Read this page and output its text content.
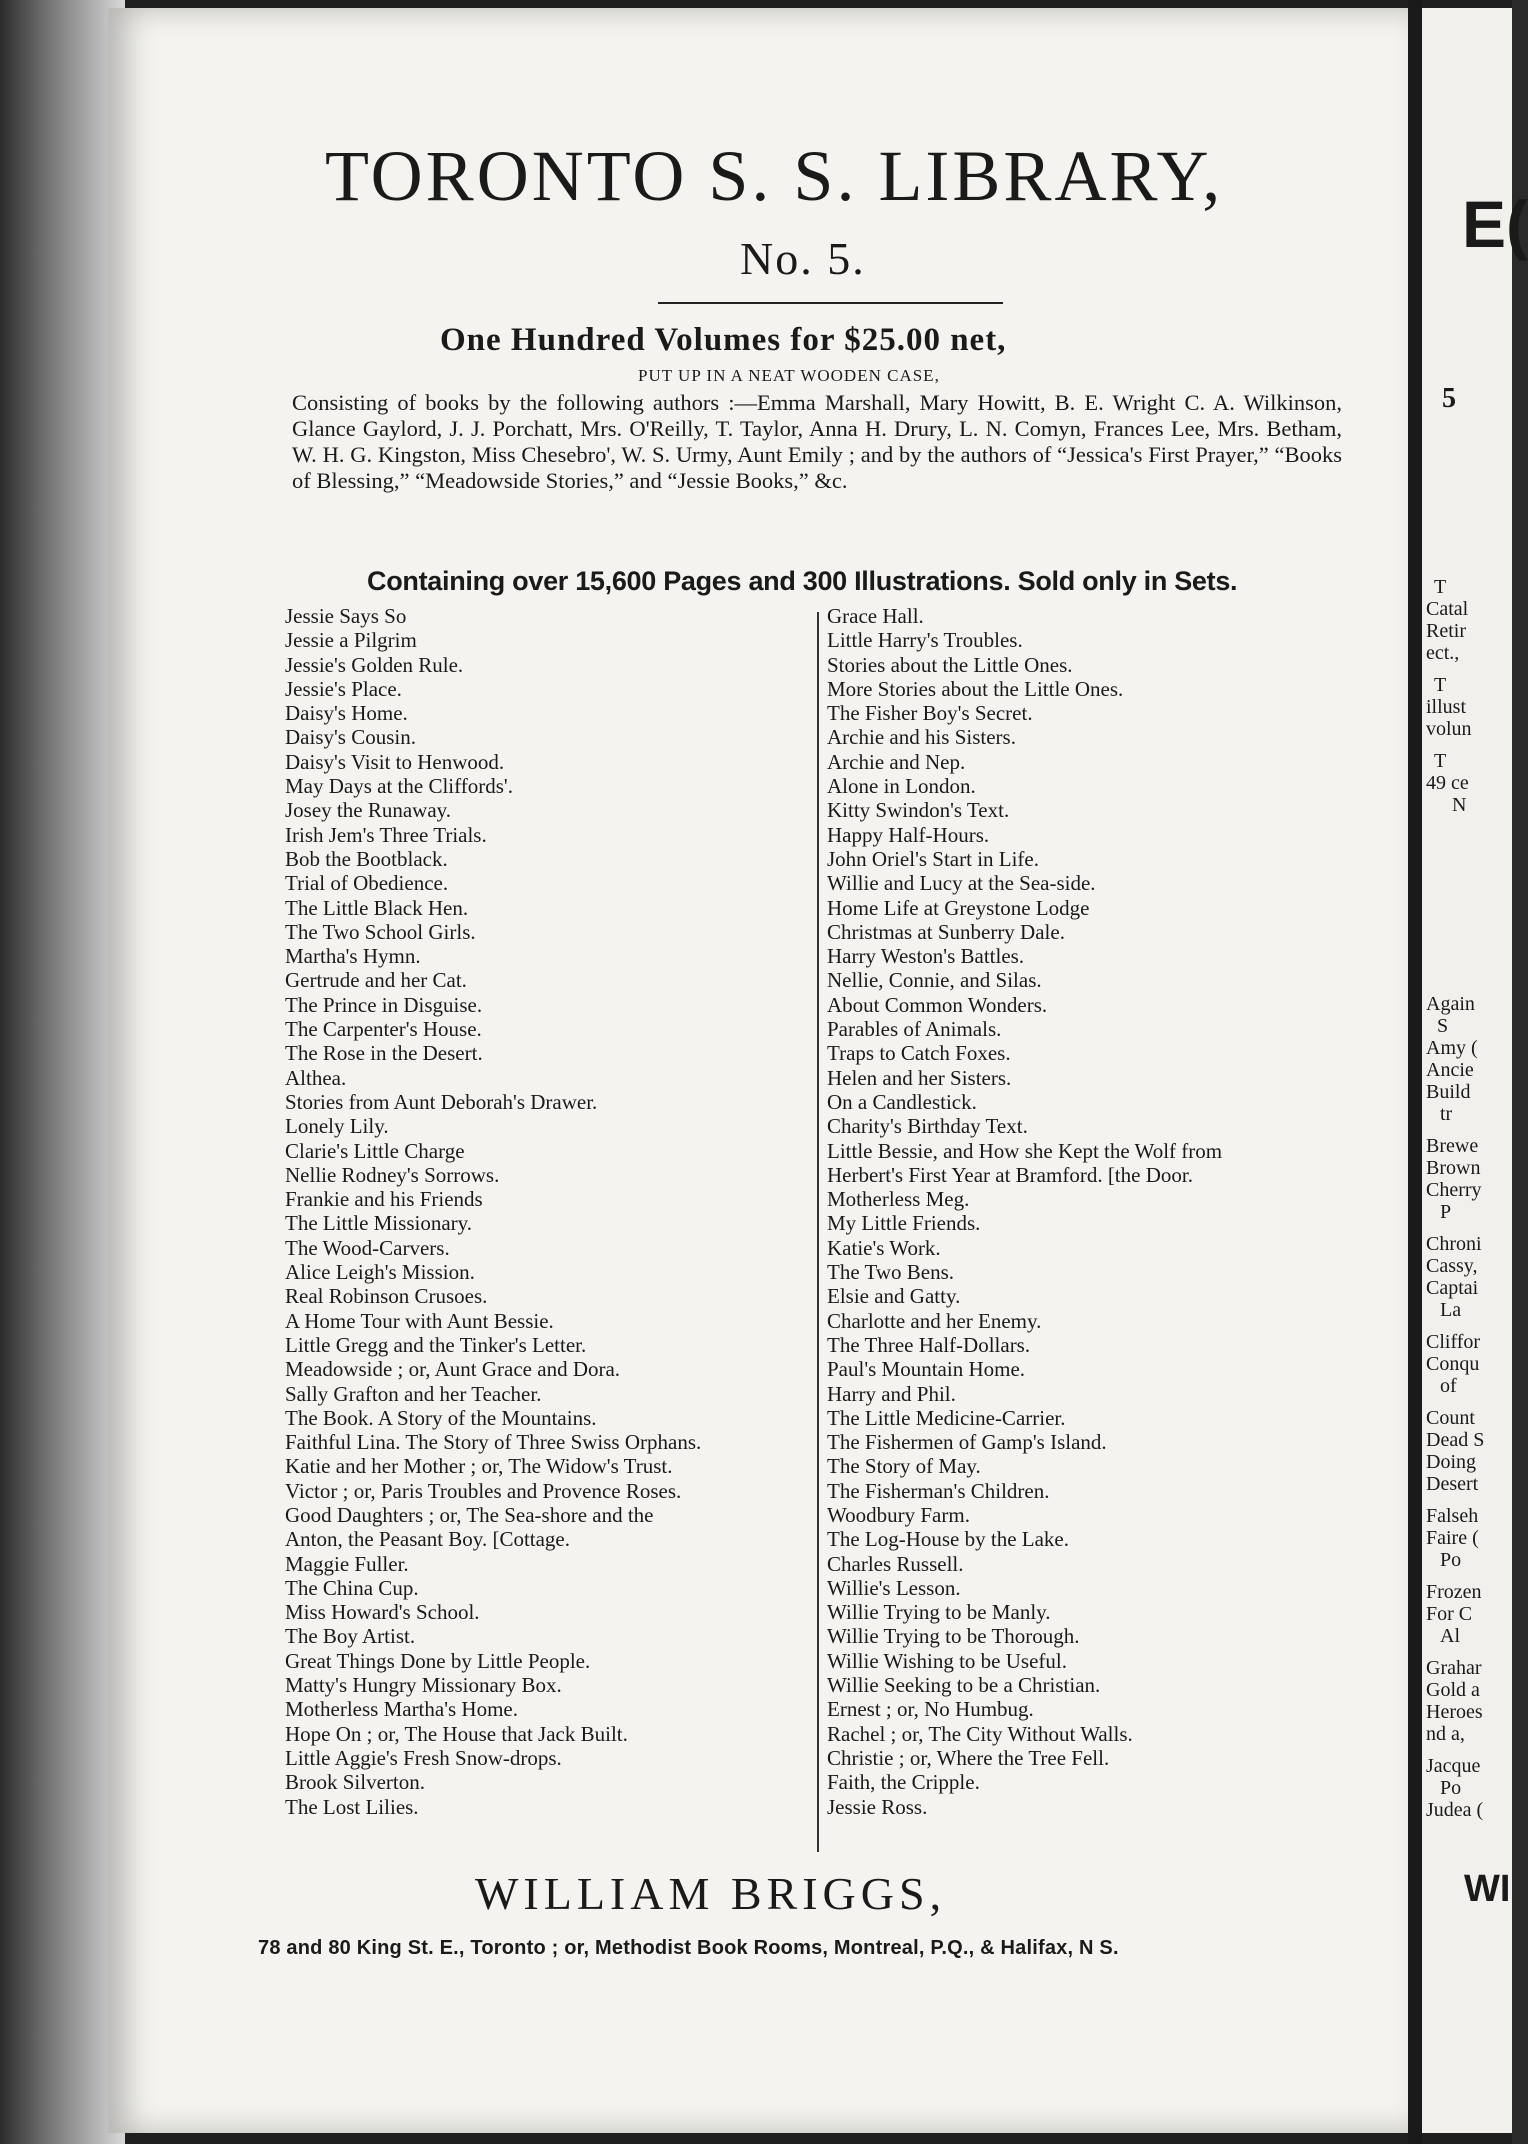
TORONTO S. S. LIBRARY,
No. 5.
One Hundred Volumes for $25.00 net,
PUT UP IN A NEAT WOODEN CASE,
Consisting of books by the following authors :—Emma Marshall, Mary Howitt, B. E. Wright C. A. Wilkinson, Glance Gaylord, J. J. Porchatt, Mrs. O'Reilly, T. Taylor, Anna H. Drury, L. N. Comyn, Frances Lee, Mrs. Betham, W. H. G. Kingston, Miss Chesebro', W. S. Urmy, Aunt Emily ; and by the authors of “Jessica's First Prayer,” “Books of Blessing,” “Meadowside Stories,” and “Jessie Books,” &c.
Containing over 15,600 Pages and 300 Illustrations. Sold only in Sets.
Jessie Says So
Jessie a Pilgrim
Jessie's Golden Rule.
Jessie's Place.
Daisy's Home.
Daisy's Cousin.
Daisy's Visit to Henwood.
May Days at the Cliffords'.
Josey the Runaway.
Irish Jem's Three Trials.
Bob the Bootblack.
Trial of Obedience.
The Little Black Hen.
The Two School Girls.
Martha's Hymn.
Gertrude and her Cat.
The Prince in Disguise.
The Carpenter's House.
The Rose in the Desert.
Althea.
Stories from Aunt Deborah's Drawer.
Lonely Lily.
Clarie's Little Charge
Nellie Rodney's Sorrows.
Frankie and his Friends
The Little Missionary.
The Wood-Carvers.
Alice Leigh's Mission.
Real Robinson Crusoes.
A Home Tour with Aunt Bessie.
Little Gregg and the Tinker's Letter.
Meadowside ; or, Aunt Grace and Dora.
Sally Grafton and her Teacher.
The Book. A Story of the Mountains.
Faithful Lina. The Story of Three Swiss Orphans.
Katie and her Mother ; or, The Widow's Trust.
Victor ; or, Paris Troubles and Provence Roses.
Good Daughters ; or, The Sea-shore and the
Anton, the Peasant Boy. [Cottage.
Maggie Fuller.
The China Cup.
Miss Howard's School.
The Boy Artist.
Great Things Done by Little People.
Matty's Hungry Missionary Box.
Motherless Martha's Home.
Hope On ; or, The House that Jack Built.
Little Aggie's Fresh Snow-drops.
Brook Silverton.
The Lost Lilies.
Grace Hall.
Little Harry's Troubles.
Stories about the Little Ones.
More Stories about the Little Ones.
The Fisher Boy's Secret.
Archie and his Sisters.
Archie and Nep.
Alone in London.
Kitty Swindon's Text.
Happy Half-Hours.
John Oriel's Start in Life.
Willie and Lucy at the Sea-side.
Home Life at Greystone Lodge
Christmas at Sunberry Dale.
Harry Weston's Battles.
Nellie, Connie, and Silas.
About Common Wonders.
Parables of Animals.
Traps to Catch Foxes.
Helen and her Sisters.
On a Candlestick.
Charity's Birthday Text.
Little Bessie, and How she Kept the Wolf from
Herbert's First Year at Bramford. [the Door.
Motherless Meg.
My Little Friends.
Katie's Work.
The Two Bens.
Elsie and Gatty.
Charlotte and her Enemy.
The Three Half-Dollars.
Paul's Mountain Home.
Harry and Phil.
The Little Medicine-Carrier.
The Fishermen of Gamp's Island.
The Story of May.
The Fisherman's Children.
Woodbury Farm.
The Log-House by the Lake.
Charles Russell.
Willie's Lesson.
Willie Trying to be Manly.
Willie Trying to be Thorough.
Willie Wishing to be Useful.
Willie Seeking to be a Christian.
Ernest ; or, No Humbug.
Rachel ; or, The City Without Walls.
Christie ; or, Where the Tree Fell.
Faith, the Cripple.
Jessie Ross.
WILLIAM BRIGGS,
78 and 80 King St. E., Toronto ; or, Methodist Book Rooms, Montreal, P.Q., & Halifax, N S.
E(
5
T
Catal
Retir
ect.,
T
illust
volun
T
49 ce
N
Again
S
Amy (
Ancie
Build
tr
Brewe
Brown
Cherry
P
Chroni
Cassy,
Captai
La
Cliffor
Conqu
of
Count
Dead S
Doing
Desert
Falseh
Faire (
Po
Frozen
For C
Al
Grahar
Gold a
Heroes
nd a,
Jacque
Po
Judea (
WI
